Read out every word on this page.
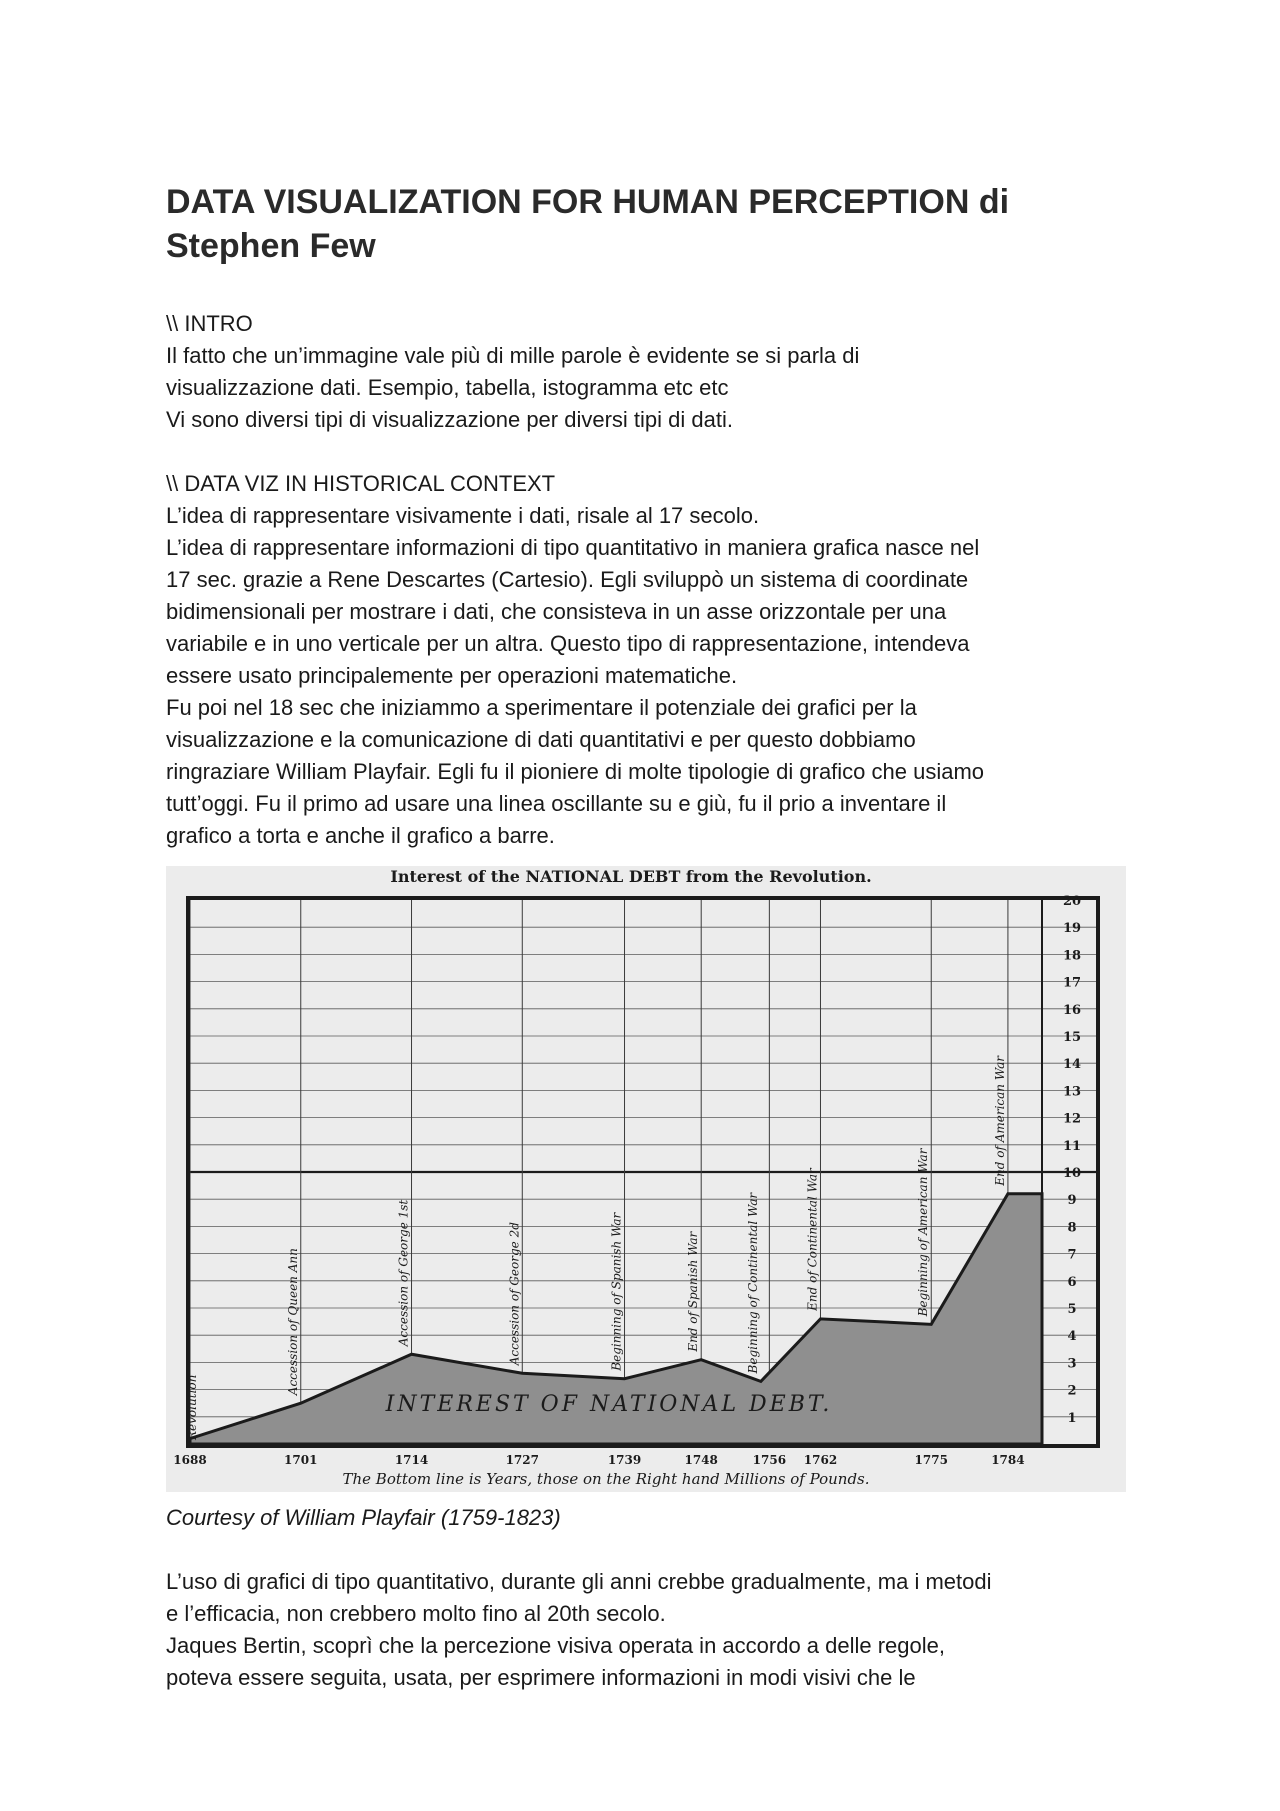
DATA VISUALIZATION FOR HUMAN PERCEPTION di Stephen Few
\\ INTRO

Il fatto che un’immagine vale più di mille parole è evidente se si parla di

visualizzazione dati. Esempio, tabella, istogramma etc etc

Vi sono diversi tipi di visualizzazione per diversi tipi di dati.

\\ DATA VIZ IN HISTORICAL CONTEXT

L’idea di rappresentare visivamente i dati, risale al 17 secolo.

L’idea di rappresentare informazioni di tipo quantitativo in maniera grafica nasce nel

17 sec. grazie a Rene Descartes (Cartesio). Egli sviluppò un sistema di coordinate

bidimensionali per mostrare i dati, che consisteva in un asse orizzontale per una

variabile e in uno verticale per un altra. Questo tipo di rappresentazione, intendeva

essere usato principalemente per operazioni matematiche.

Fu poi nel 18 sec che iniziammo a sperimentare il potenziale dei grafici per la

visualizzazione e la comunicazione di dati quantitativi e per questo dobbiamo

ringraziare William Playfair. Egli fu il pioniere di molte tipologie di grafico che usiamo

tutt’oggi. Fu il primo ad usare una linea oscillante su e giù, fu il prio a inventare il

grafico a torta e anche il grafico a barre.

Interest of the NATIONAL DEBT from the Revolution.
INTEREST OF NATIONAL DEBT.
Revolution
Accession of Queen Ann	Accession of George 1st	Accession of George 2d	Beginning of Spanish War	End of Spanish War	Beginning of Continental War	End of Continental War	Beginning of American War
End of American War
1688	1701	1714	1727	1739	1748	1756 1762	1775	1784
1
2
3
4
5
6
7
8
9
10
11
12
13
14
15
16
17
18
19
20
The Bottom line is Years, those on the Right hand Millions of Pounds.
Courtesy of William Playfair (1759-1823)

L’uso di grafici di tipo quantitativo, durante gli anni crebbe gradualmente, ma i metodi

e l’efficacia, non crebbero molto fino al 20th secolo.

Jaques Bertin, scoprì che la percezione visiva operata in accordo a delle regole,

poteva essere seguita, usata, per esprimere informazioni in modi visivi che le
